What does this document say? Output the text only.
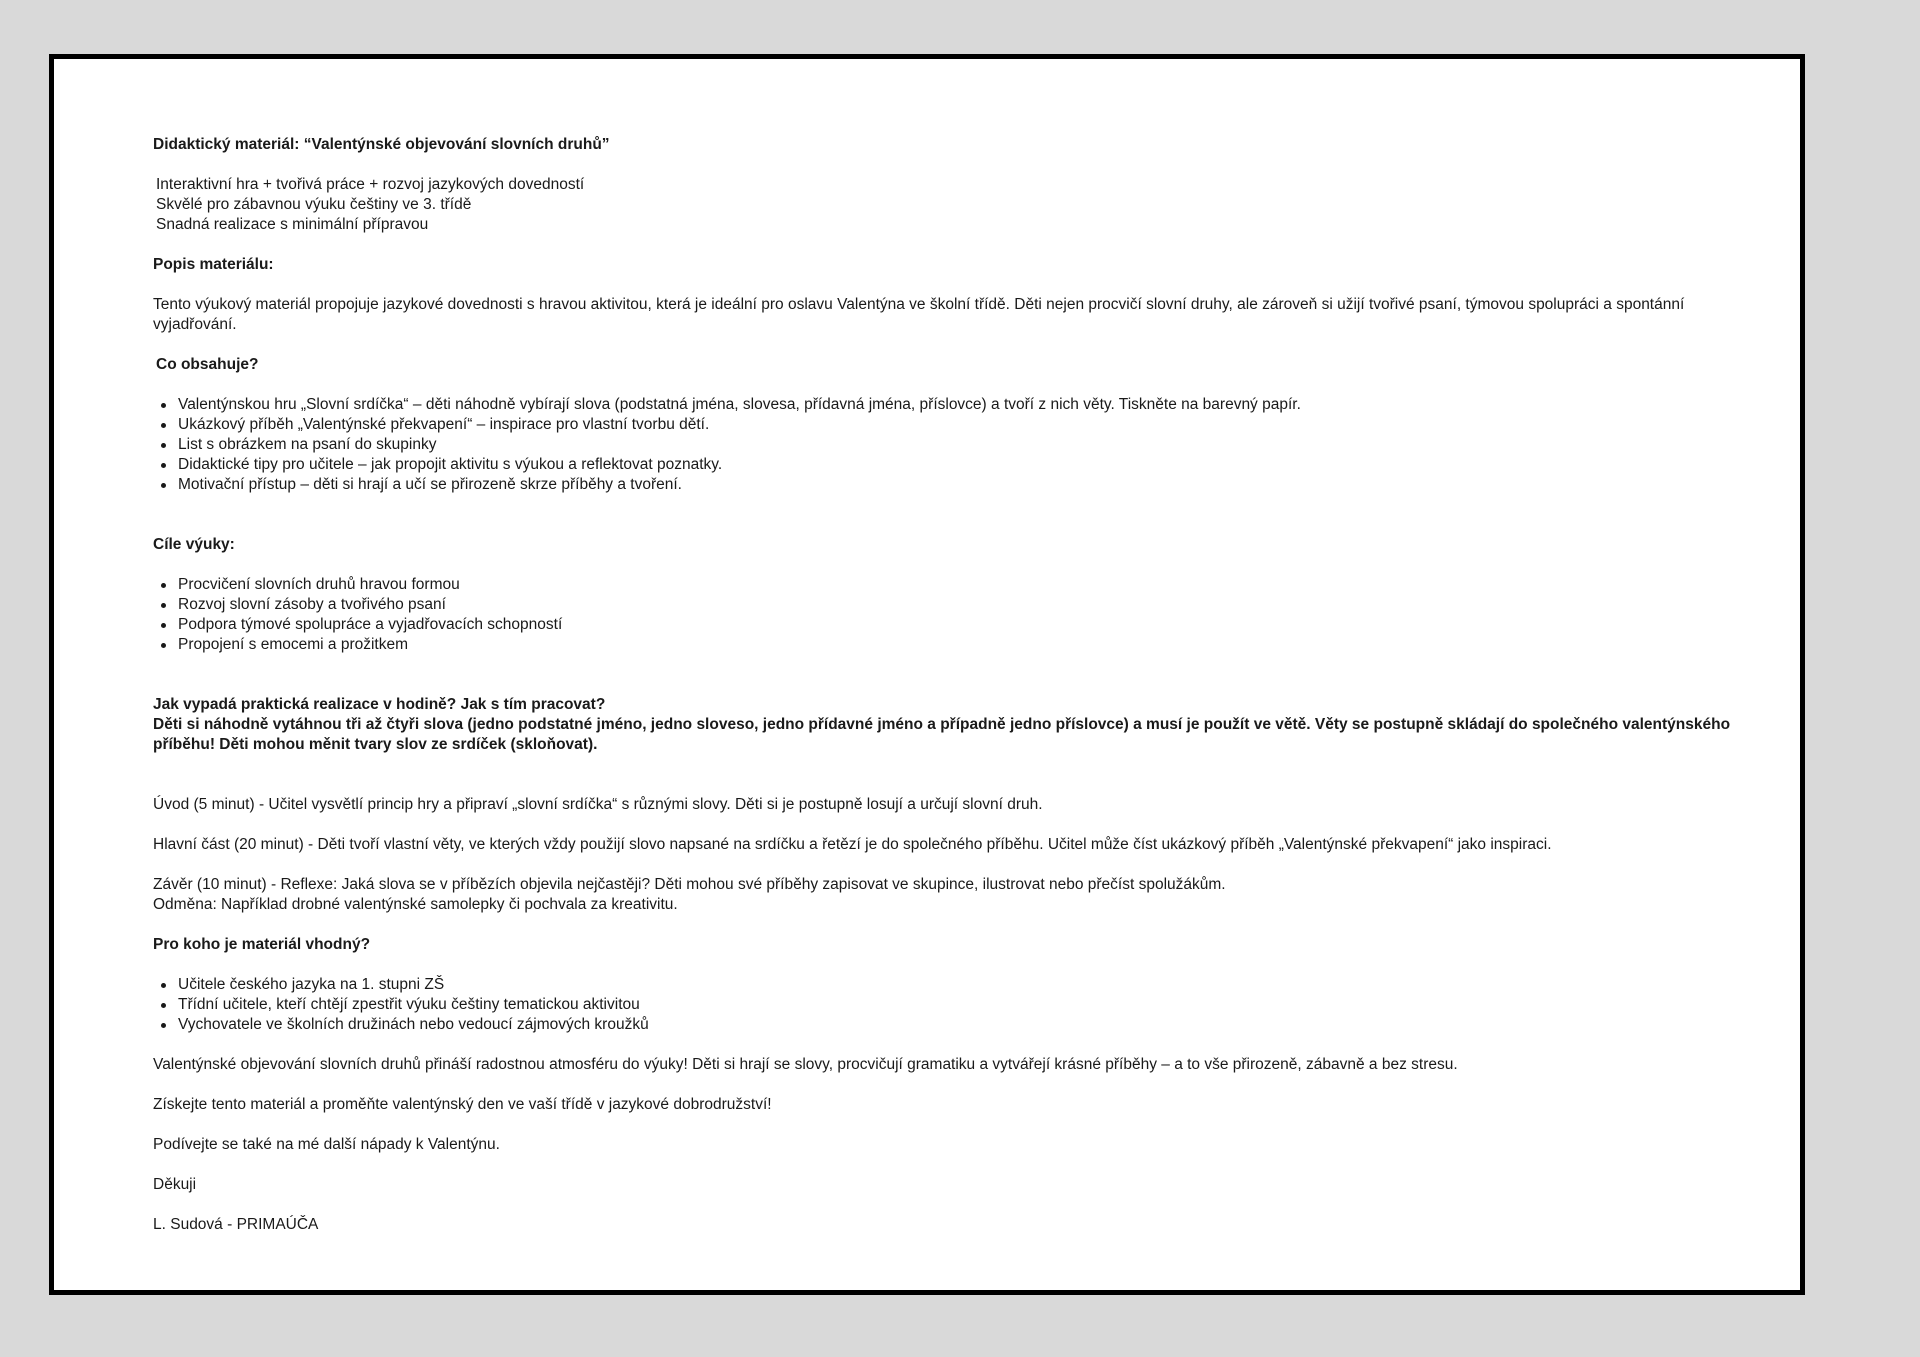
Didaktický materiál: “Valentýnské objevování slovních druhů”

Interaktivní hra + tvořivá práce + rozvoj jazykových dovedností

Skvělé pro zábavnou výuku češtiny ve 3. třídě

Snadná realizace s minimální přípravou

Popis materiálu:

Tento výukový materiál propojuje jazykové dovednosti s hravou aktivitou, která je ideální pro oslavu Valentýna ve školní třídě. Děti nejen procvičí slovní druhy, ale zároveň si užijí tvořivé psaní, týmovou spolupráci a spontánní vyjadřování.

Co obsahuje?

Valentýnskou hru „Slovní srdíčka“ – děti náhodně vybírají slova (podstatná jména, slovesa, přídavná jména, příslovce) a tvoří z nich věty. Tiskněte na barevný papír.
Ukázkový příběh „Valentýnské překvapení“ – inspirace pro vlastní tvorbu dětí.
List s obrázkem na psaní do skupinky
Didaktické tipy pro učitele – jak propojit aktivitu s výukou a reflektovat poznatky.
Motivační přístup – děti si hrají a učí se přirozeně skrze příběhy a tvoření.

Cíle výuky:

Procvičení slovních druhů hravou formou
Rozvoj slovní zásoby a tvořivého psaní
Podpora týmové spolupráce a vyjadřovacích schopností
Propojení s emocemi a prožitkem

Jak vypadá praktická realizace v hodině? Jak s tím pracovat?

Děti si náhodně vytáhnou tři až čtyři slova (jedno podstatné jméno, jedno sloveso, jedno přídavné jméno a případně jedno příslovce) a musí je použít ve větě. Věty se postupně skládají do společného valentýnského příběhu! Děti mohou měnit tvary slov ze srdíček (skloňovat).

Úvod (5 minut) - Učitel vysvětlí princip hry a připraví „slovní srdíčka“ s různými slovy. Děti si je postupně losují a určují slovní druh.

Hlavní část (20 minut) - Děti tvoří vlastní věty, ve kterých vždy použijí slovo napsané na srdíčku a řetězí je do společného příběhu. Učitel může číst ukázkový příběh „Valentýnské překvapení“ jako inspiraci.

Závěr (10 minut) - Reflexe: Jaká slova se v příbězích objevila nejčastěji? Děti mohou své příběhy zapisovat ve skupince, ilustrovat nebo přečíst spolužákům.

Odměna: Například drobné valentýnské samolepky či pochvala za kreativitu.

Pro koho je materiál vhodný?

Učitele českého jazyka na 1. stupni ZŠ
Třídní učitele, kteří chtějí zpestřit výuku češtiny tematickou aktivitou
Vychovatele ve školních družinách nebo vedoucí zájmových kroužků

Valentýnské objevování slovních druhů přináší radostnou atmosféru do výuky! Děti si hrají se slovy, procvičují gramatiku a vytvářejí krásné příběhy – a to vše přirozeně, zábavně a bez stresu.

Získejte tento materiál a proměňte valentýnský den ve vaší třídě v jazykové dobrodružství!

Podívejte se také na mé další nápady k Valentýnu.

Děkuji

L. Sudová - PRIMAÚČA
